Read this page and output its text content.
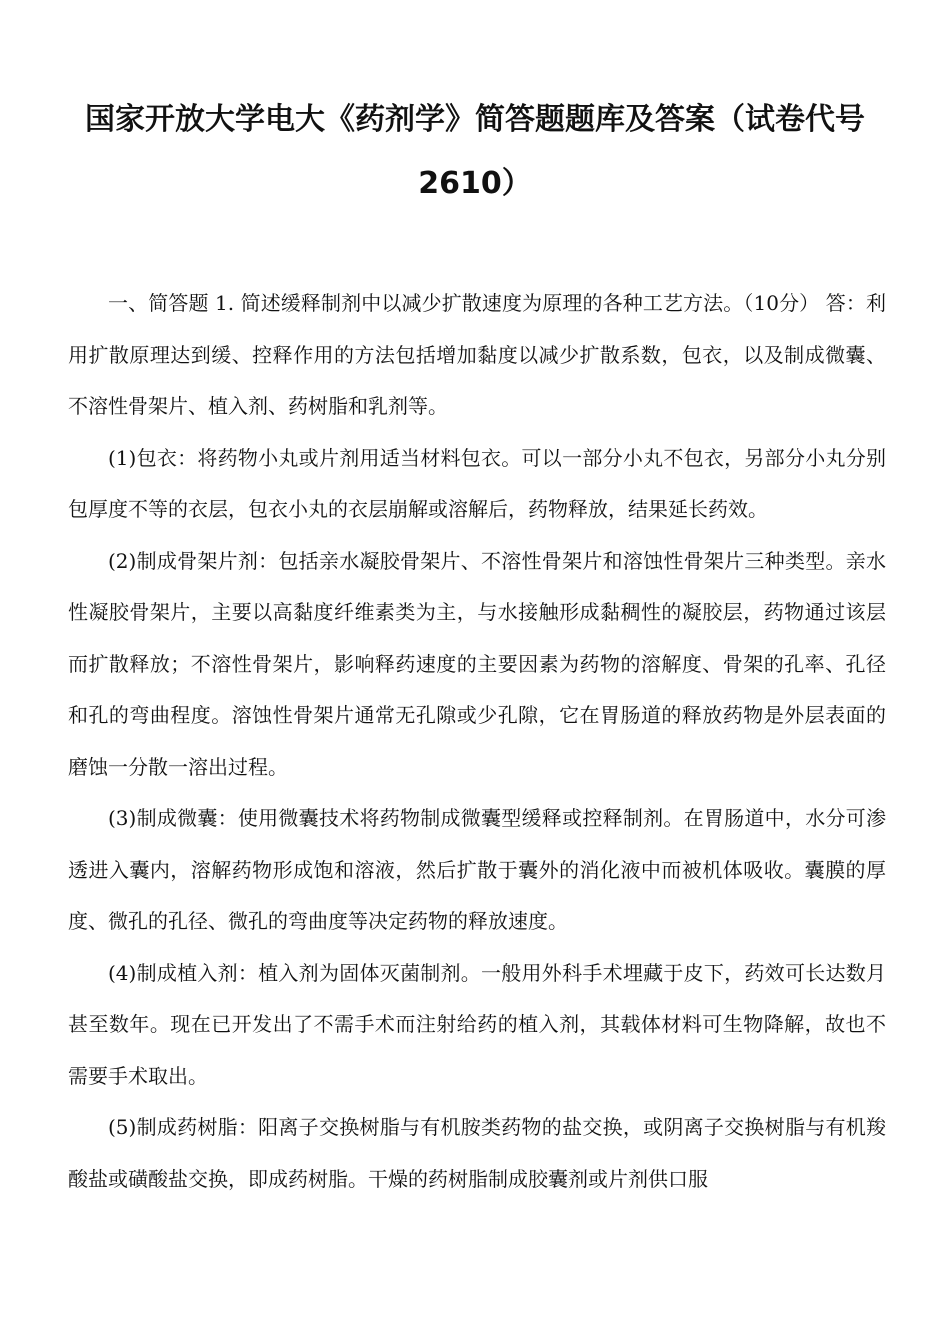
国家开放大学电大《药剂学》简答题题库及答案（试卷代号
2610）

一、简答题 1. 简述缓释制剂中以减少扩散速度为原理的各种工艺方法。（10分） 答：利用扩散原理达到缓、控释作用的方法包括增加黏度以减少扩散系数，包衣，以及制成微囊、不溶性骨架片、植入剂、药树脂和乳剂等。

(1)包衣：将药物小丸或片剂用适当材料包衣。可以一部分小丸不包衣，另部分小丸分别包厚度不等的衣层，包衣小丸的衣层崩解或溶解后，药物释放，结果延长药效。

(2)制成骨架片剂：包括亲水凝胶骨架片、不溶性骨架片和溶蚀性骨架片三种类型。亲水性凝胶骨架片，主要以高黏度纤维素类为主，与水接触形成黏稠性的凝胶层，药物通过该层而扩散释放；不溶性骨架片，影响释药速度的主要因素为药物的溶解度、骨架的孔率、孔径和孔的弯曲程度。溶蚀性骨架片通常无孔隙或少孔隙，它在胃肠道的释放药物是外层表面的磨蚀一分散一溶出过程。

(3)制成微囊：使用微囊技术将药物制成微囊型缓释或控释制剂。在胃肠道中，水分可渗透进入囊内，溶解药物形成饱和溶液，然后扩散于囊外的消化液中而被机体吸收。囊膜的厚度、微孔的孔径、微孔的弯曲度等决定药物的释放速度。

(4)制成植入剂：植入剂为固体灭菌制剂。一般用外科手术埋藏于皮下，药效可长达数月甚至数年。现在已开发出了不需手术而注射给药的植入剂，其载体材料可生物降解，故也不需要手术取出。

(5)制成药树脂：阳离子交换树脂与有机胺类药物的盐交换，或阴离子交换树脂与有机羧酸盐或磺酸盐交换，即成药树脂。干燥的药树脂制成胶囊剂或片剂供口服
